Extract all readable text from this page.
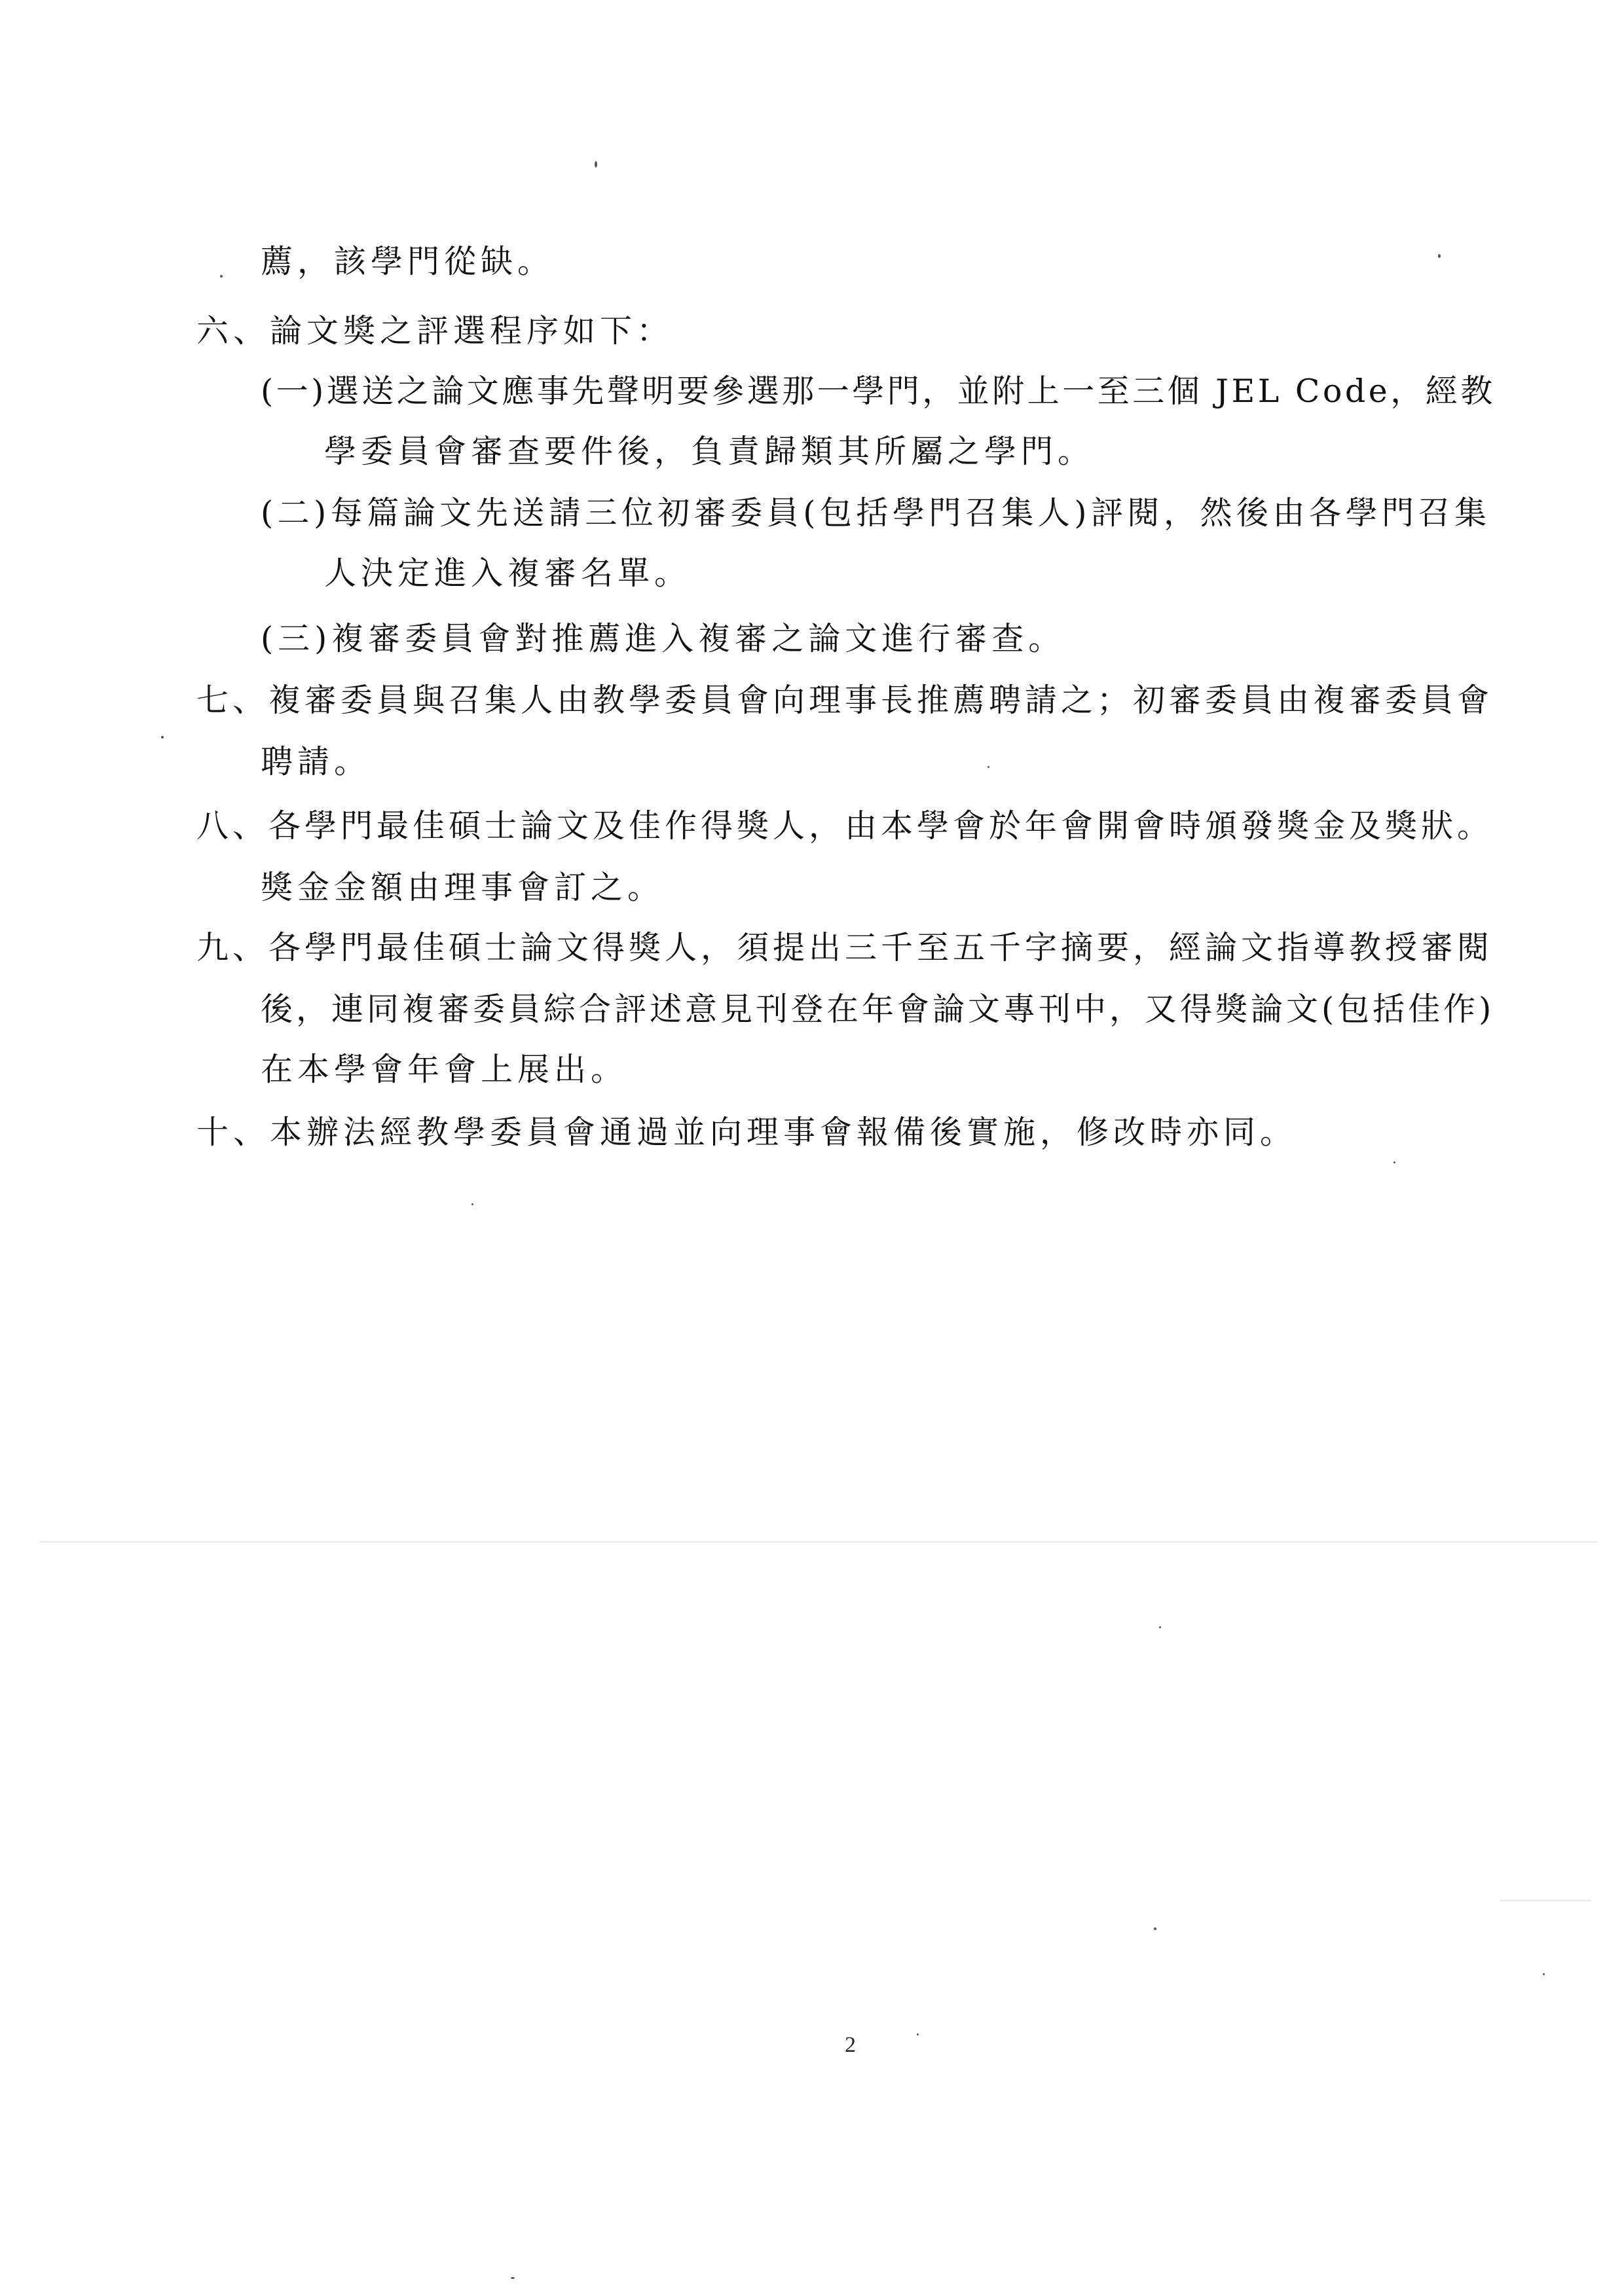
薦，該學門從缺。
六、論文獎之評選程序如下：
(一)選送之論文應事先聲明要參選那一學門，並附上一至三個 JEL Code，經教
學委員會審查要件後，負責歸類其所屬之學門。
(二)每篇論文先送請三位初審委員(包括學門召集人)評閱，然後由各學門召集
人決定進入複審名單。
(三)複審委員會對推薦進入複審之論文進行審查。
七、複審委員與召集人由教學委員會向理事長推薦聘請之；初審委員由複審委員會
聘請。
八、各學門最佳碩士論文及佳作得獎人，由本學會於年會開會時頒發獎金及獎狀。
獎金金額由理事會訂之。
九、各學門最佳碩士論文得獎人，須提出三千至五千字摘要，經論文指導教授審閱
後，連同複審委員綜合評述意見刊登在年會論文專刊中，又得獎論文(包括佳作)
在本學會年會上展出。
十、本辦法經教學委員會通過並向理事會報備後實施，修改時亦同。
2
